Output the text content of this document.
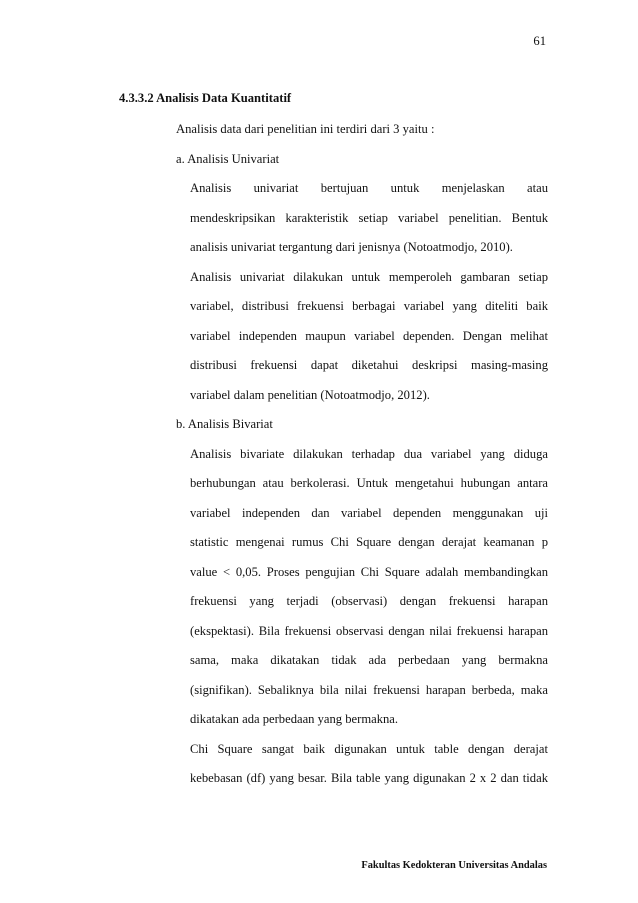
61
4.3.3.2 Analisis Data Kuantitatif
Analisis data dari penelitian ini terdiri dari 3 yaitu :
a. Analisis Univariat
Analisis univariat bertujuan untuk menjelaskan atau
mendeskripsikan karakteristik setiap variabel penelitian. Bentuk
analisis univariat tergantung dari jenisnya (Notoatmodjo, 2010).
Analisis univariat dilakukan untuk memperoleh gambaran setiap
variabel, distribusi frekuensi berbagai variabel yang diteliti baik
variabel independen maupun variabel dependen. Dengan melihat
distribusi frekuensi dapat diketahui deskripsi masing-masing
variabel dalam penelitian (Notoatmodjo, 2012).
b. Analisis Bivariat
Analisis bivariate dilakukan terhadap dua variabel yang diduga
berhubungan atau berkolerasi. Untuk mengetahui hubungan antara
variabel independen dan variabel dependen menggunakan uji
statistic mengenai rumus Chi Square dengan derajat keamanan p
value < 0,05. Proses pengujian Chi Square adalah membandingkan
frekuensi yang terjadi (observasi) dengan frekuensi harapan
(ekspektasi). Bila frekuensi observasi dengan nilai frekuensi harapan
sama, maka dikatakan tidak ada perbedaan yang bermakna
(signifikan). Sebaliknya bila nilai frekuensi harapan berbeda, maka
dikatakan ada perbedaan yang bermakna.
Chi Square sangat baik digunakan untuk table dengan derajat
kebebasan (df) yang besar. Bila table yang digunakan 2 x 2 dan tidak
Fakultas Kedokteran Universitas Andalas
